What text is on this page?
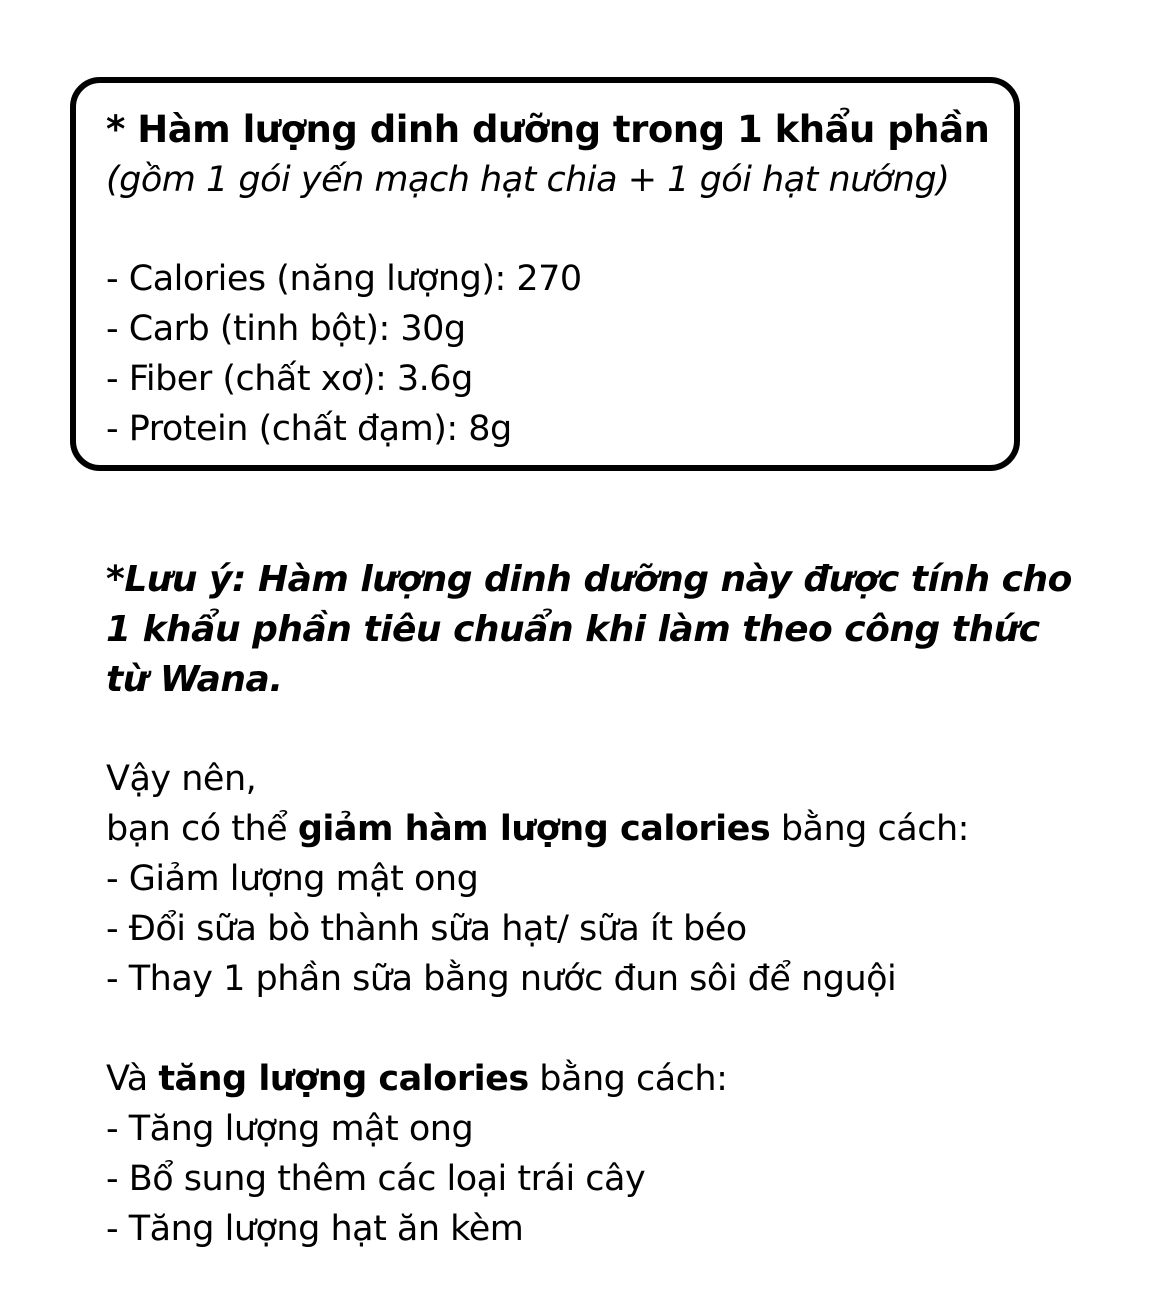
* Hàm lượng dinh dưỡng trong 1 khẩu phần
(gồm 1 gói yến mạch hạt chia + 1 gói hạt nướng)
- Calories (năng lượng): 270
- Carb (tinh bột): 30g
- Fiber (chất xơ): 3.6g
- Protein (chất đạm): 8g
*Lưu ý: Hàm lượng dinh dưỡng này được tính cho
1 khẩu phần tiêu chuẩn khi làm theo công thức
từ Wana.
Vậy nên,
bạn có thể giảm hàm lượng calories bằng cách:
- Giảm lượng mật ong
- Đổi sữa bò thành sữa hạt/ sữa ít béo
- Thay 1 phần sữa bằng nước đun sôi để nguội
Và tăng lượng calories bằng cách:
- Tăng lượng mật ong
- Bổ sung thêm các loại trái cây
- Tăng lượng hạt ăn kèm
